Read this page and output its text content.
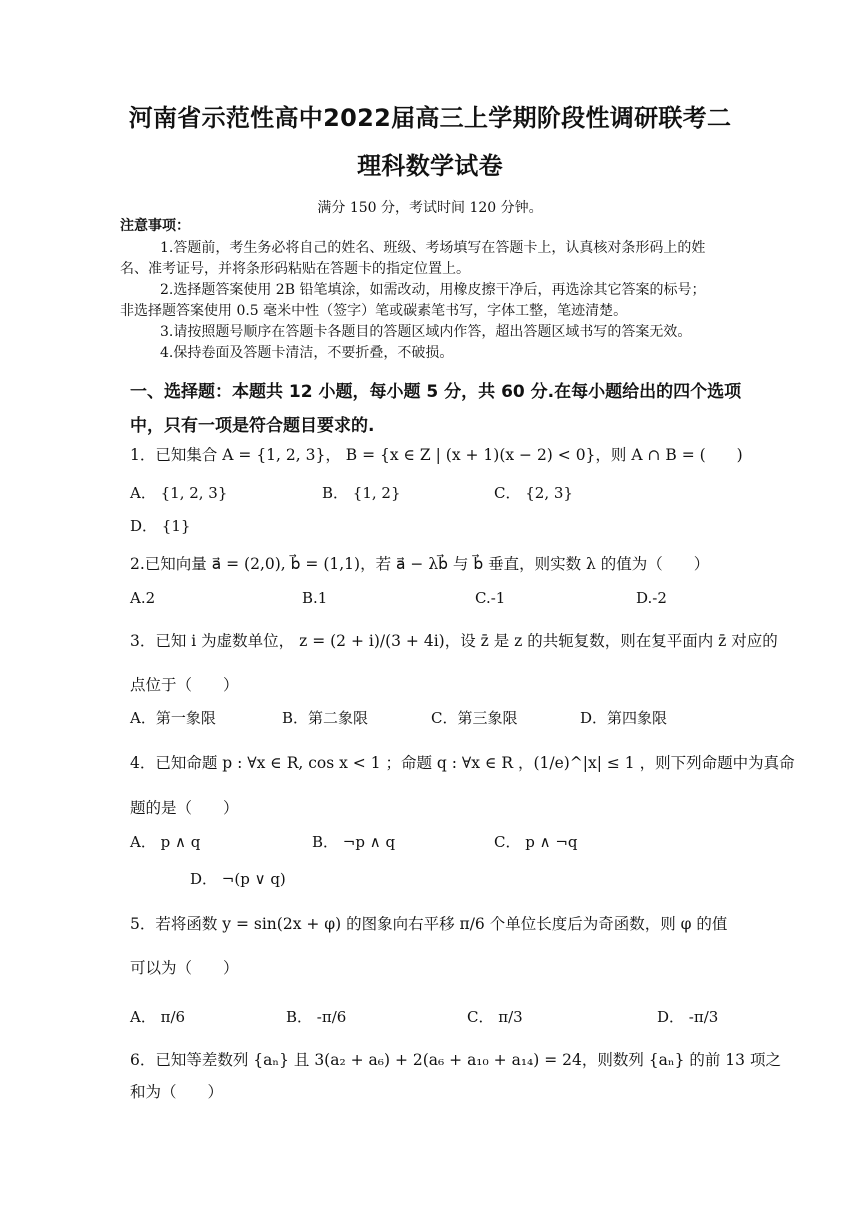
河南省示范性高中2022届高三上学期阶段性调研联考二
理科数学试卷
满分 150 分，考试时间 120 分钟。
注意事项：
1.答题前，考生务必将自己的姓名、班级、考场填写在答题卡上，认真核对条形码上的姓
名、准考证号，并将条形码粘贴在答题卡的指定位置上。
2.选择题答案使用 2B 铅笔填涂，如需改动，用橡皮擦干净后，再选涂其它答案的标号；
非选择题答案使用 0.5 毫米中性（签字）笔或碳素笔书写，字体工整，笔迹清楚。
3.请按照题号顺序在答题卡各题目的答题区域内作答，超出答题区域书写的答案无效。
4.保持卷面及答题卡清洁，不要折叠，不破损。
一、选择题：本题共 12 小题，每小题 5 分，共 60 分.在每小题给出的四个选项
中，只有一项是符合题目要求的.
1．已知集合 A = {1, 2, 3}， B = {x ∈ Z | (x + 1)(x − 2) < 0}，则 A ∩ B = (　　)
A． {1, 2, 3}	B． {1, 2}	C． {2, 3}
D． {1}
2.已知向量 a⃗ = (2,0), b⃗ = (1,1)，若 a⃗ − λb⃗ 与 b⃗ 垂直，则实数 λ 的值为（　　）
A.2	B.1	C.-1	D.-2
3．已知 i 为虚数单位， z = (2 + i)/(3 + 4i)，设 z̄ 是 z 的共轭复数，则在复平面内 z̄ 对应的
点位于（　　）
A．第一象限	B．第二象限	C．第三象限	D．第四象限
4．已知命题 p : ∀x ∈ R, cos x < 1 ；命题 q : ∀x ∈ R ，(1/e)^|x| ≤ 1 ，则下列命题中为真命
题的是（　　）
A． p ∧ q	B． ¬p ∧ q	C． p ∧ ¬q
D． ¬(p ∨ q)
5．若将函数 y = sin(2x + φ) 的图象向右平移 π/6 个单位长度后为奇函数，则 φ 的值
可以为（　　）
A． π/6	B． -π/6	C． π/3	D． -π/3
6．已知等差数列 {aₙ} 且 3(a₂ + a₆) + 2(a₆ + a₁₀ + a₁₄) = 24，则数列 {aₙ} 的前 13 项之
和为（　　）
